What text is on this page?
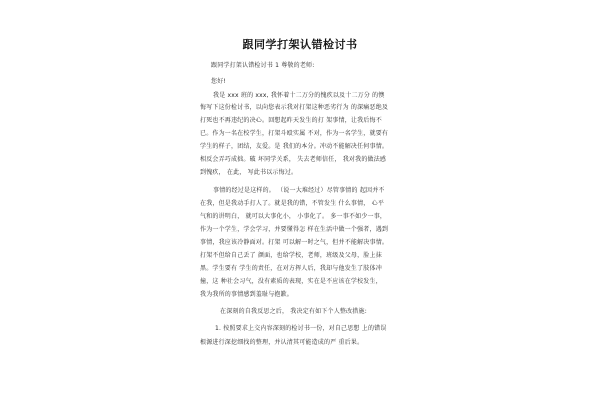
跟同学打架认错检讨书
跟同学打架认错检讨书 1 尊敬的老师:
您好!
我是 xxx 班的 xxx, 我怀着十二万分的愧疚以及十二万分 的懊
悔写下这份检讨书，以向您表示我对打架这种恶劣行为 的深痛恶绝及
打死也不再违纪的决心。回想起昨天发生的打 架事情，让我后悔不
已。作为一名在校学生，打架斗殴实属 不对，作为一名学生，就要有
学生的样子，团结，友爱。是 我们的本分。冲动不能解决任何事情。
相反会弄巧成拙。破 坏同学关系， 失去老师信任， 我对我的做法感
到愧疚， 在此， 写此书以示悔过。
事情的经过是这样的。 （说一大堆经过）尽管事情的 起因并不
在我，但是我动手打人了。就是我的错，不管发生 什么事情， 心平
气和的讲明白， 就可以大事化小， 小事化了。 多一事不如少一事，
作为一个学生，学会学习，并要懂得怎 样在生活中做一个强者，遇到
事情，我应该冷静面对。打架 可以解一时之气，但并不能解决事情。
打架不但给自己丢了 颜面，也给学校，老师，班级及父母，脸上抹
黑。学生要有 学生的责任，在对方挥人后，我却与他发生了肢体冲
撞，这 种社会习气，没有素质的表现，实在是不应该在学校发生，
我为我所的事情感到羞耻与抱歉。
在深刻的自我反思之后， 我决定有如下个人整改措施:
1. 按照要求上交内容深刻的检讨书一份，对自己思想 上的错误
根源进行深挖细找的整理，并认清其可能造成的严 重后果。
